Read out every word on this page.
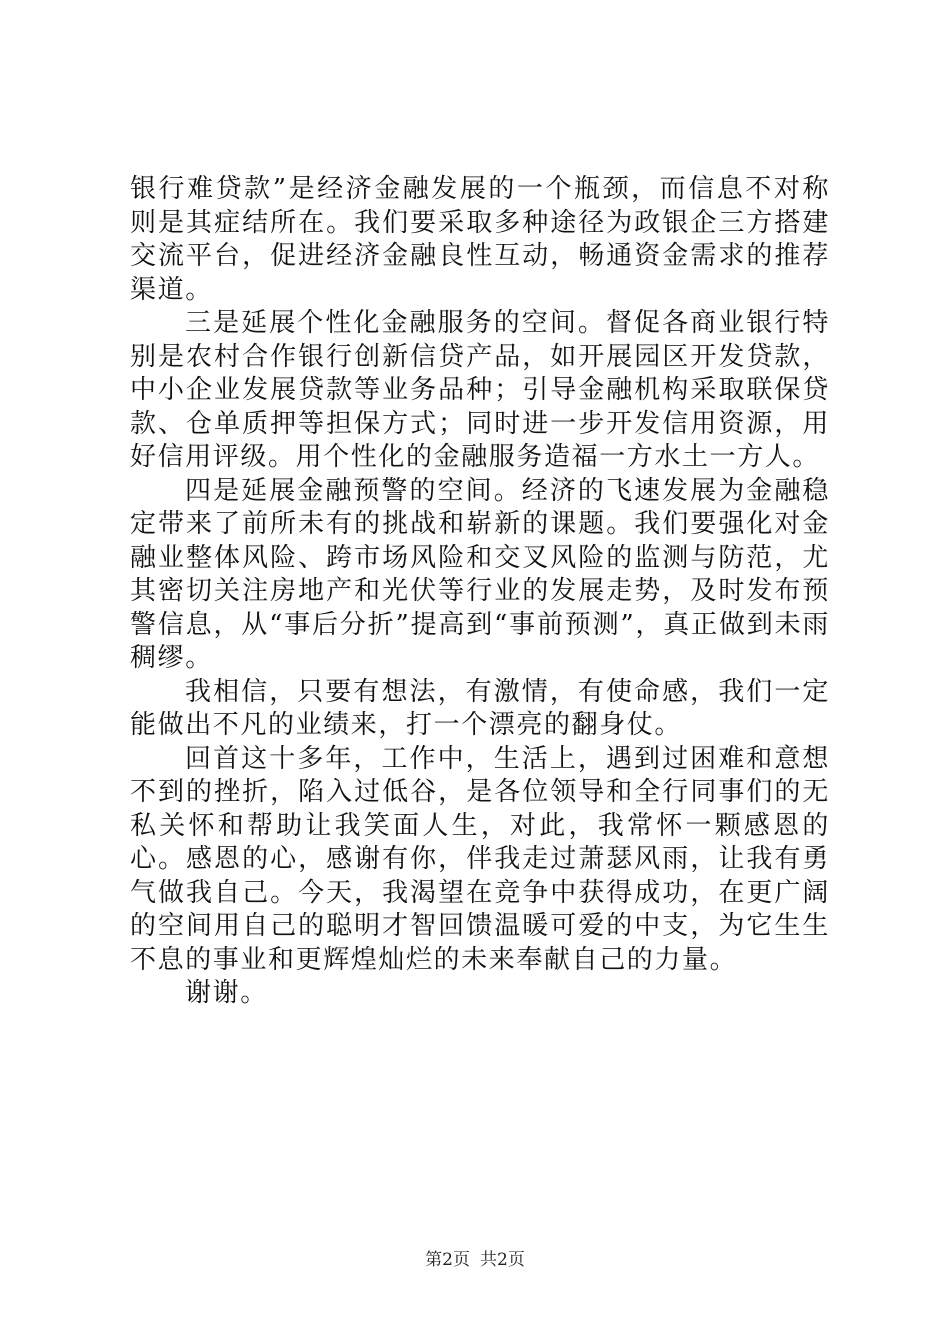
银行难贷款”是经济金融发展的一个瓶颈，而信息不对称则是其症结所在。我们要采取多种途径为政银企三方搭建交流平台，促进经济金融良性互动，畅通资金需求的推荐渠道。

三是延展个性化金融服务的空间。督促各商业银行特别是农村合作银行创新信贷产品，如开展园区开发贷款，中小企业发展贷款等业务品种；引导金融机构采取联保贷款、仓单质押等担保方式；同时进一步开发信用资源，用好信用评级。用个性化的金融服务造福一方水土一方人。

四是延展金融预警的空间。经济的飞速发展为金融稳定带来了前所未有的挑战和崭新的课题。我们要强化对金融业整体风险、跨市场风险和交叉风险的监测与防范，尤其密切关注房地产和光伏等行业的发展走势，及时发布预警信息，从“事后分折”提高到“事前预测”，真正做到未雨稠缪。

我相信，只要有想法，有激情，有使命感，我们一定能做出不凡的业绩来，打一个漂亮的翻身仗。

回首这十多年，工作中，生活上，遇到过困难和意想不到的挫折，陷入过低谷，是各位领导和全行同事们的无私关怀和帮助让我笑面人生，对此，我常怀一颗感恩的心。感恩的心，感谢有你，伴我走过萧瑟风雨，让我有勇气做我自己。今天，我渴望在竞争中获得成功，在更广阔的空间用自己的聪明才智回馈温暖可爱的中支，为它生生不息的事业和更辉煌灿烂的未来奉献自己的力量。

谢谢。

第2页 共2页
